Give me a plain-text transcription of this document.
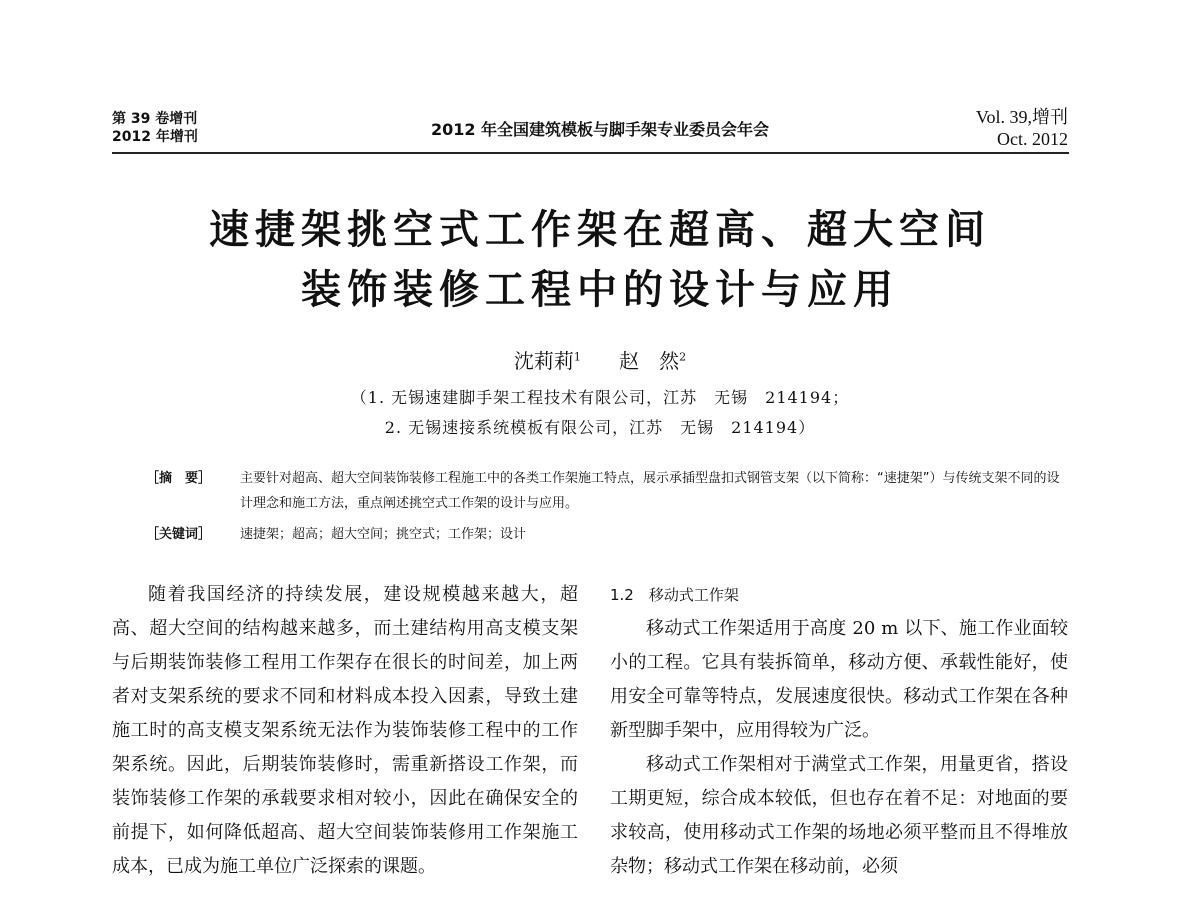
第 39 卷增刊
2012 年增刊	2012 年全国建筑模板与脚手架专业委员会年会
Vol. 39,增刊
Oct. 2012
速捷架挑空式工作架在超高、超大空间
装饰装修工程中的设计与应用
沈莉莉$^1$ 赵　然$^2$
（1. 无锡速建脚手架工程技术有限公司，江苏　无锡　214194；
2. 无锡速接系统模板有限公司，江苏　无锡　214194）
［摘　要］ 主要针对超高、超大空间装饰装修工程施工中的各类工作架施工特点，展示承插型盘扣式钢管支架（以下简称：“速捷架”）与传统支架不同的设计理念和施工方法，重点阐述挑空式工作架的设计与应用。
［关键词］ 速捷架；超高；超大空间；挑空式；工作架；设计

随着我国经济的持续发展，建设规模越来越大，超高、超大空间的结构越来越多，而土建结构用高支模支架与后期装饰装修工程用工作架存在很长的时间差，加上两者对支架系统的要求不同和材料成本投入因素，导致土建施工时的高支模支架系统无法作为装饰装修工程中的工作架系统。因此，后期装饰装修时，需重新搭设工作架，而装饰装修工作架的承载要求相对较小，因此在确保安全的前提下，如何降低超高、超大空间装饰装修用工作架施工成本，已成为施工单位广泛探索的课题。

1.2　移动式工作架

移动式工作架适用于高度 20 m 以下、施工作业面较小的工程。它具有装拆简单，移动方便、承载性能好，使用安全可靠等特点，发展速度很快。移动式工作架在各种新型脚手架中，应用得较为广泛。

移动式工作架相对于满堂式工作架，用量更省，搭设工期更短，综合成本较低，但也存在着不足：对地面的要求较高，使用移动式工作架的场地必须平整而且不得堆放杂物；移动式工作架在移动前，必须
